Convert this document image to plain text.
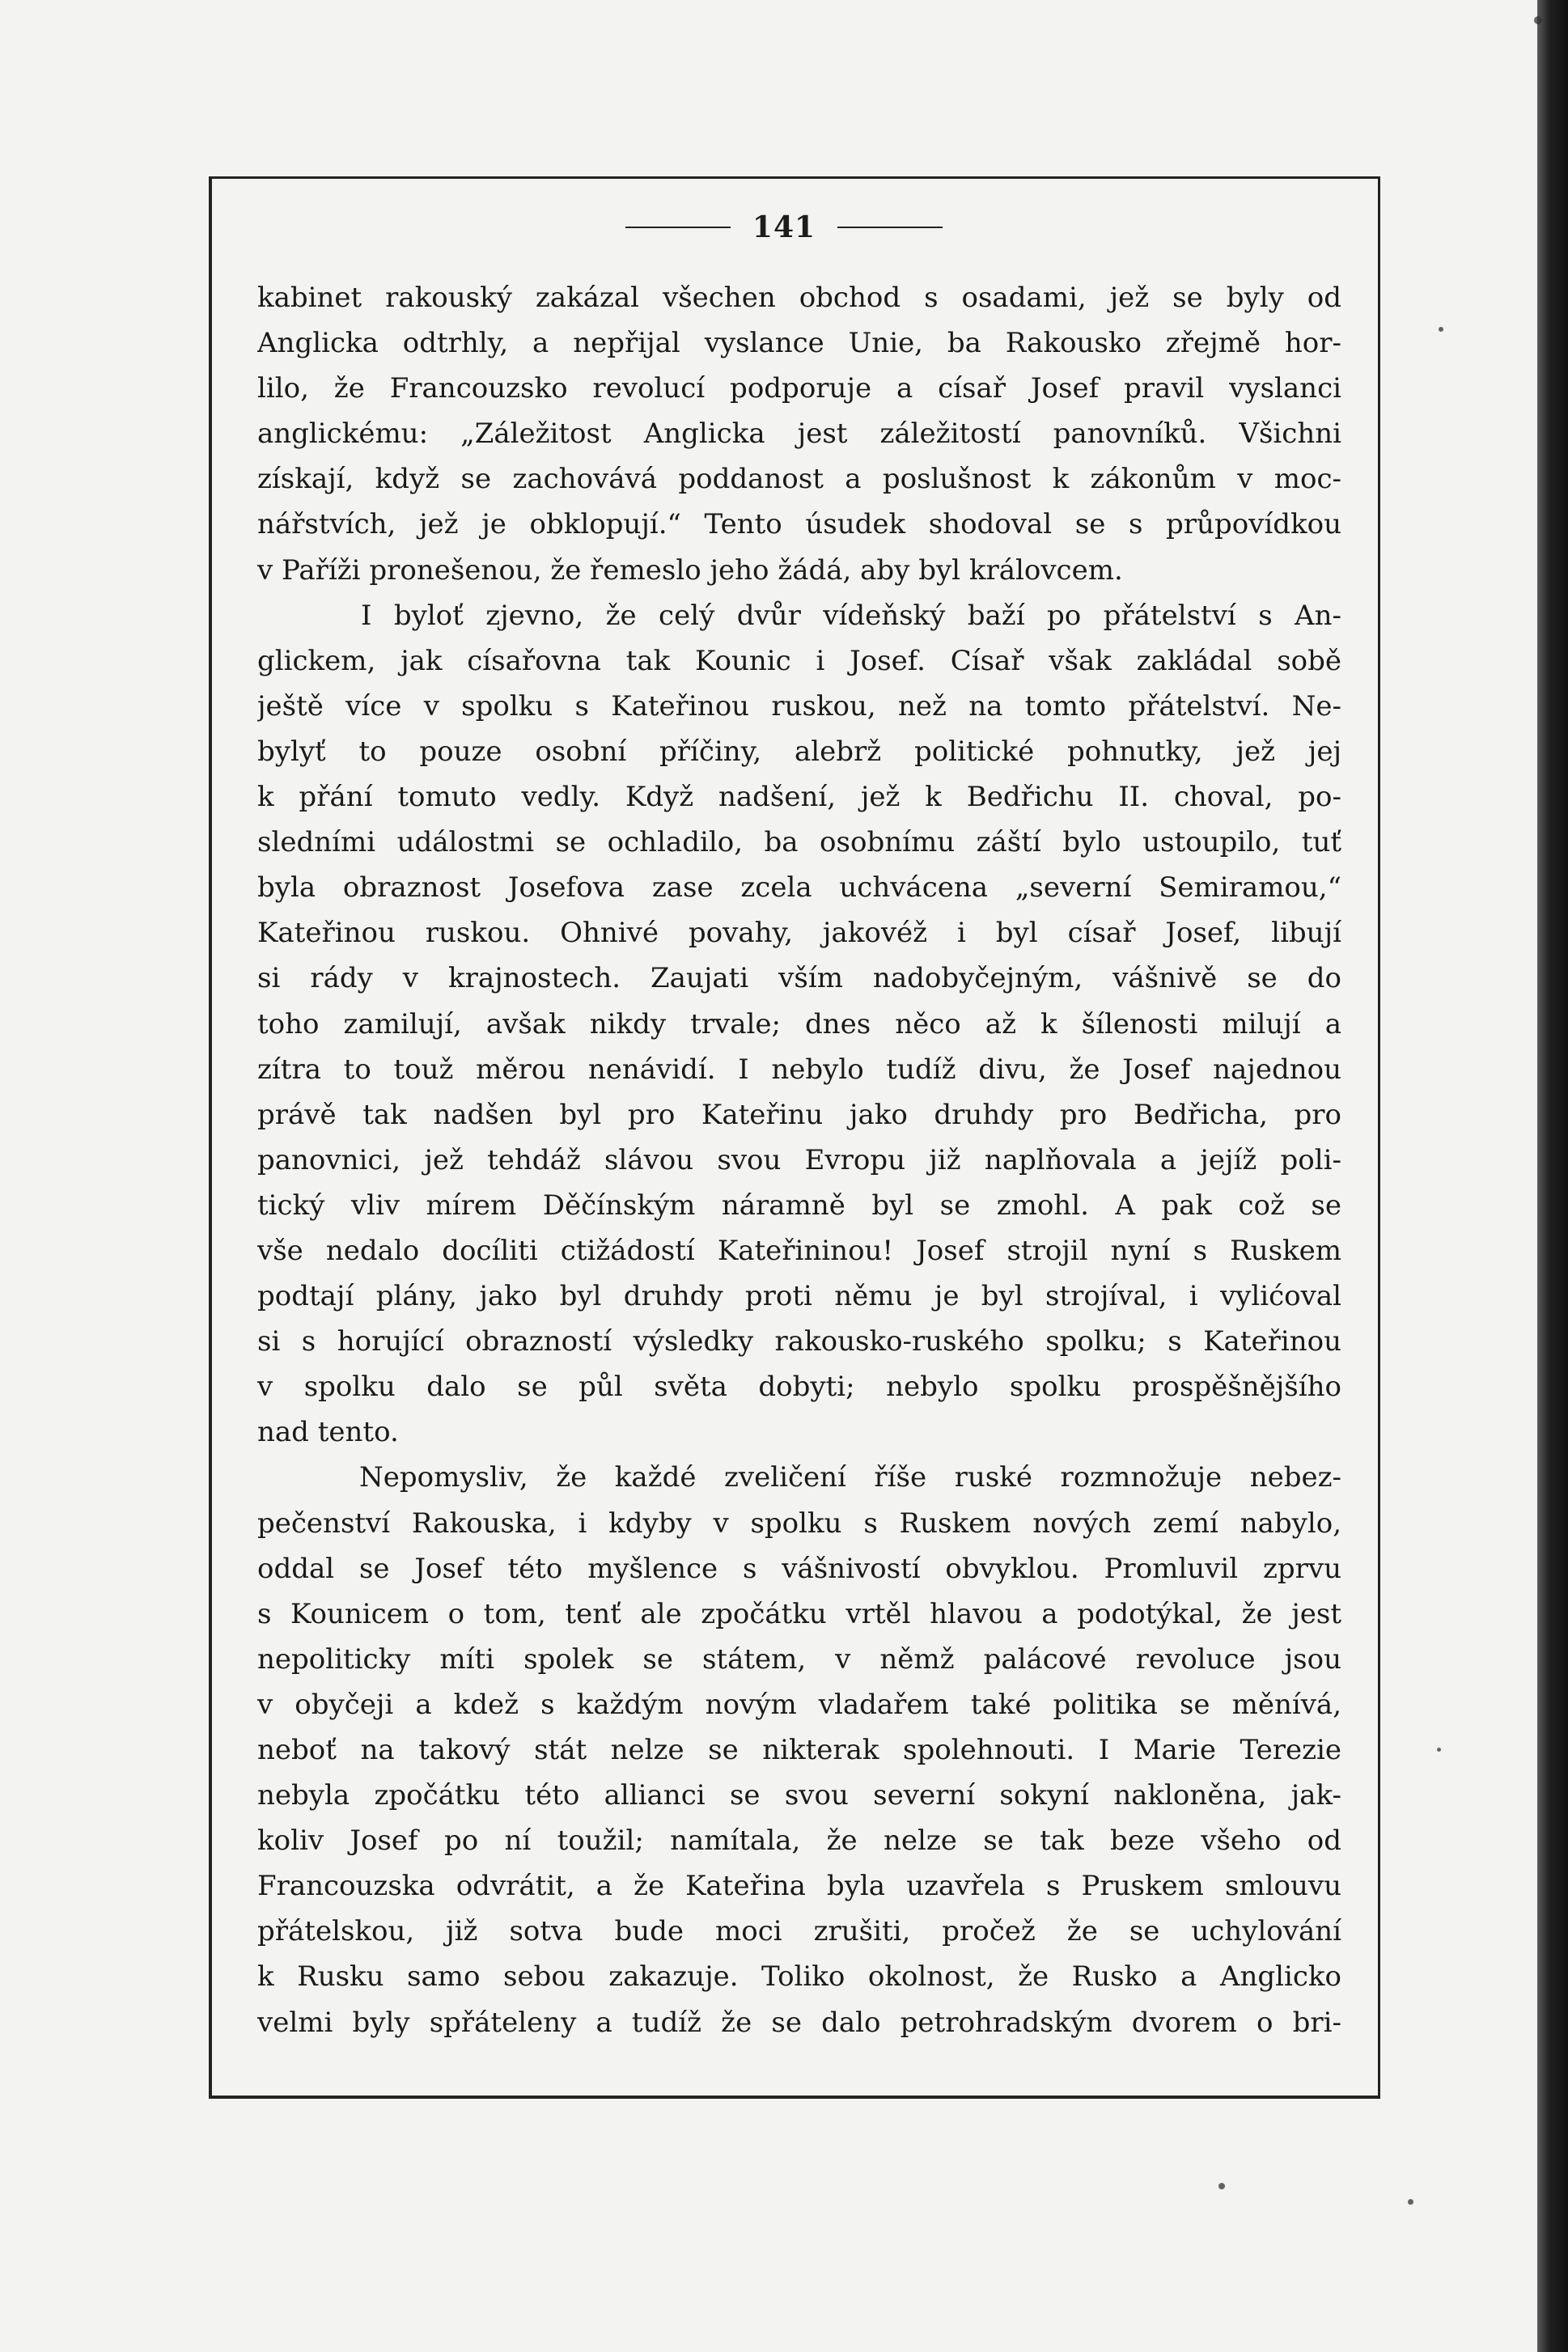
141
kabinet rakouský zakázal všechen obchod s osadami, jež se byly od
Anglicka odtrhly, a nepřijal vyslance Unie, ba Rakousko zřejmě hor-
lilo, že Francouzsko revolucí podporuje a císař Josef pravil vyslanci
anglickému: „Záležitost Anglicka jest záležitostí panovníků. Všichni
získají, když se zachovává poddanost a poslušnost k zákonům v moc-
nářstvích, jež je obklopují.“ Tento úsudek shodoval se s průpovídkou
v Paříži pronešenou, že řemeslo jeho žádá, aby byl královcem.
I byloť zjevno, že celý dvůr vídeňský baží po přátelství s An-
glickem, jak císařovna tak Kounic i Josef. Císař však zakládal sobě
ještě více v spolku s Kateřinou ruskou, než na tomto přátelství. Ne-
bylyť to pouze osobní příčiny, alebrž politické pohnutky, jež jej
k přání tomuto vedly. Když nadšení, jež k Bedřichu II. choval, po-
sledními událostmi se ochladilo, ba osobnímu záští bylo ustoupilo, tuť
byla obraznost Josefova zase zcela uchvácena „severní Semiramou,“
Kateřinou ruskou. Ohnivé povahy, jakovéž i byl císař Josef, libují
si rády v krajnostech. Zaujati vším nadobyčejným, vášnivě se do
toho zamilují, avšak nikdy trvale; dnes něco až k šílenosti milují a
zítra to touž měrou nenávidí. I nebylo tudíž divu, že Josef najednou
právě tak nadšen byl pro Kateřinu jako druhdy pro Bedřicha, pro
panovnici, jež tehdáž slávou svou Evropu již naplňovala a jejíž poli-
tický vliv mírem Děčínským náramně byl se zmohl. A pak což se
vše nedalo docíliti ctižádostí Kateřininou! Josef strojil nyní s Ruskem
podtají plány, jako byl druhdy proti němu je byl strojíval, i vylićoval
si s horující obrazností výsledky rakousko-ruského spolku; s Kateřinou
v spolku dalo se půl světa dobyti; nebylo spolku prospěšnějšího
nad tento.
Nepomysliv, že každé zveličení říše ruské rozmnožuje nebez-
pečenství Rakouska, i kdyby v spolku s Ruskem nových zemí nabylo,
oddal se Josef této myšlence s vášnivostí obvyklou. Promluvil zprvu
s Kounicem o tom, tenť ale zpočátku vrtěl hlavou a podotýkal, že jest
nepoliticky míti spolek se státem, v němž palácové revoluce jsou
v obyčeji a kdež s každým novým vladařem také politika se měnívá,
neboť na takový stát nelze se nikterak spolehnouti. I Marie Terezie
nebyla zpočátku této allianci se svou severní sokyní nakloněna, jak-
koliv Josef po ní toužil; namítala, že nelze se tak beze všeho od
Francouzska odvrátit, a že Kateřina byla uzavřela s Pruskem smlouvu
přátelskou, již sotva bude moci zrušiti, pročež že se uchylování
k Rusku samo sebou zakazuje. Toliko okolnost, že Rusko a Anglicko
velmi byly spřáteleny a tudíž že se dalo petrohradským dvorem o bri-
